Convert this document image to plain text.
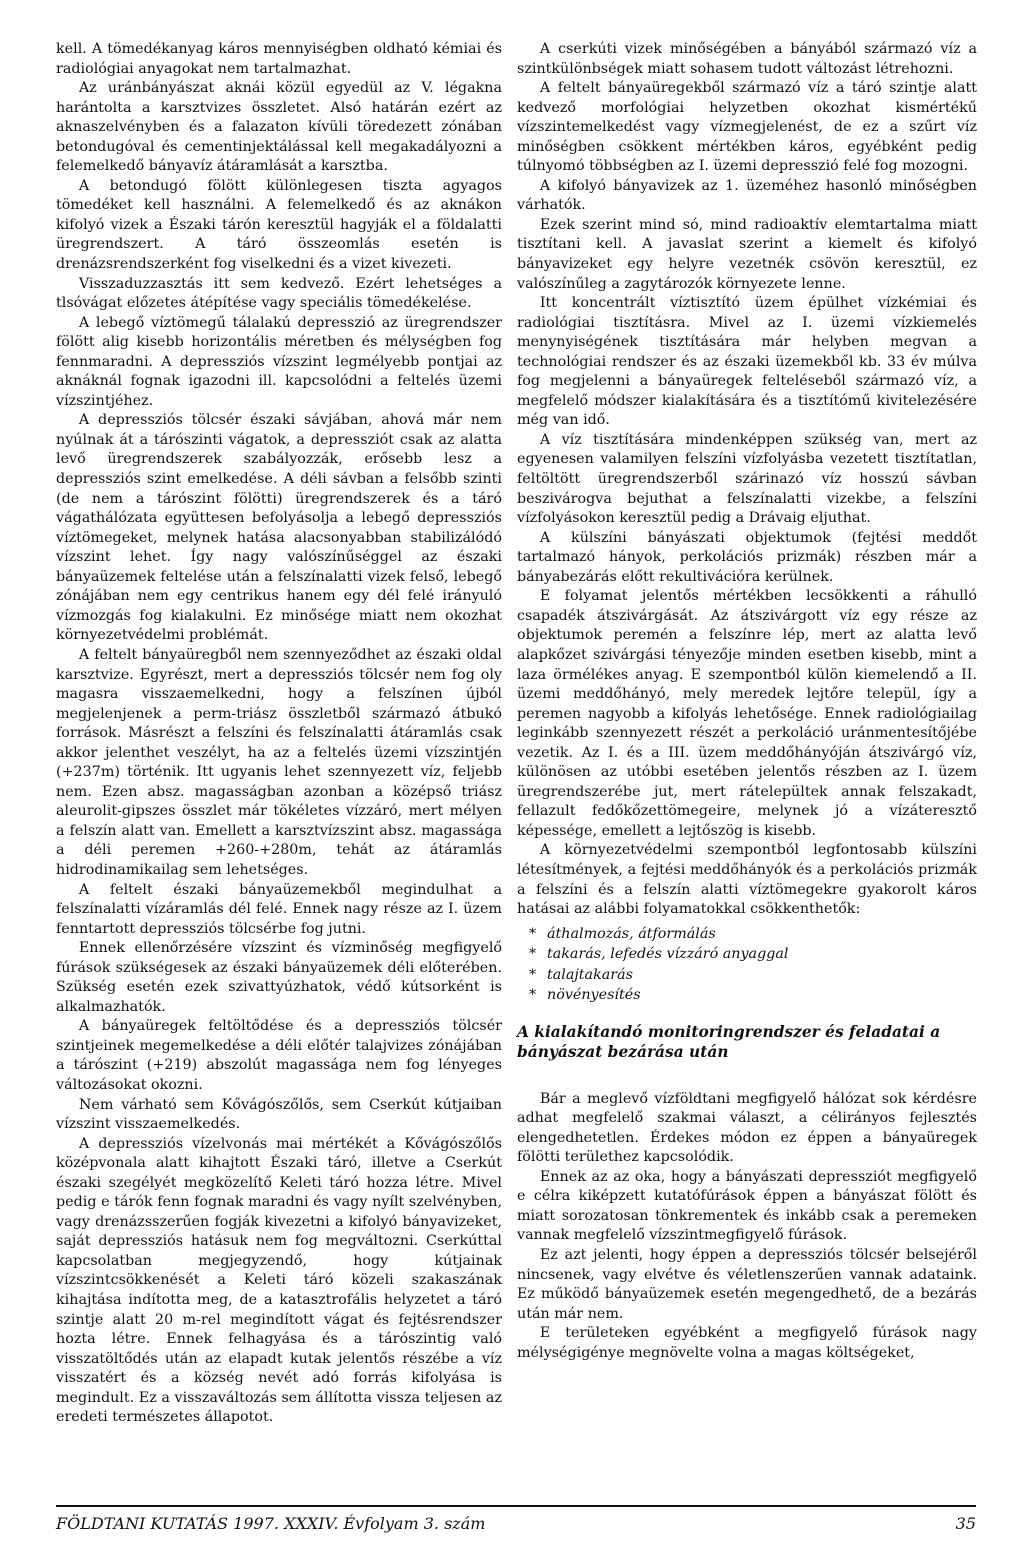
kell. A tömedékanyag káros mennyiségben oldható kémiai és radiológiai anyagokat nem tartalmazhat.

Az uránbányászat aknái közül egyedül az V. légakna harántolta a karsztvizes összletet. Alsó határán ezért az aknaszelvényben és a falazaton kívüli töredezett zónában betondugóval és cementinjektálással kell megakadályozni a felemelkedő bányavíz átáramlását a karsztba.

A betondugó fölött különlegesen tiszta agyagos tömedéket kell használni. A felemelkedő és az aknákon kifolyó vizek a Északi tárón keresztül hagyják el a földalatti üregrendszert. A táró összeomlás esetén is drenázsrendszerként fog viselkedni és a vizet kivezeti.

Visszaduzzasztás itt sem kedvező. Ezért lehetséges a tlsóvágat előzetes átépítése vagy speciális tömedékelése.

A lebegő víztömegű tálalakú depresszió az üregrendszer fölött alig kisebb horizontális méretben és mélységben fog fennmaradni. A depressziós vízszint legmélyebb pontjai az aknáknál fognak igazodni ill. kapcsolódni a feltelés üzemi vízszintjéhez.

A depressziós tölcsér északi sávjában, ahová már nem nyúlnak át a tárószinti vágatok, a depressziót csak az alatta levő üregrendszerek szabályozzák, erősebb lesz a depressziós szint emelkedése. A déli sávban a felsőbb szinti (de nem a tárószint fölötti) üregrendszerek és a táró vágathálózata együttesen befolyásolja a lebegő depressziós víztömegeket, melynek hatása alacsonyabban stabilizálódó vízszint lehet. Így nagy valószínűséggel az északi bányaüzemek feltelése után a felszínalatti vizek felső, lebegő zónájában nem egy centrikus hanem egy dél felé irányuló vízmozgás fog kialakulni. Ez minősége miatt nem okozhat környezetvédelmi problémát.

A feltelt bányaüregből nem szennyeződhet az északi oldal karsztvize. Egyrészt, mert a depressziós tölcsér nem fog oly magasra visszaemelkedni, hogy a felszínen újból megjelenjenek a perm-triász összletből származó átbukó források. Másrészt a felszíni és felszínalatti átáramlás csak akkor jelenthet veszélyt, ha az a feltelés üzemi vízszintjén (+237m) történik. Itt ugyanis lehet szennyezett víz, feljebb nem. Ezen absz. magasságban azonban a középső triász aleurolit-gipszes összlet már tökéletes vízzáró, mert mélyen a felszín alatt van. Emellett a karsztvízszint absz. magassága a déli peremen +260-+280m, tehát az átáramlás hidrodinamikailag sem lehetséges.

A feltelt északi bányaüzemekből megindulhat a felszínalatti vízáramlás dél felé. Ennek nagy része az I. üzem fenntartott depressziós tölcsérbe fog jutni.

Ennek ellenőrzésére vízszint és vízminőség megfigyelő fúrások szükségesek az északi bányaüzemek déli előterében. Szükség esetén ezek szivattyúzhatok, védő kútsorként is alkalmazhatók.

A bányaüregek feltöltődése és a depressziós tölcsér szintjeinek megemelkedése a déli előtér talajvizes zónájában a tárószint (+219) abszolút magassága nem fog lényeges változásokat okozni.

Nem várható sem Kővágószőlős, sem Cserkút kútjaiban vízszint visszaemelkedés.

A depressziós vízelvonás mai mértékét a Kővágószőlős középvonala alatt kihajtott Északi táró, illetve a Cserkút északi szegélyét megközelítő Keleti táró hozza létre. Mivel pedig e tárók fenn fognak maradni és vagy nyílt szelvényben, vagy drenázsszerűen fogják kivezetni a kifolyó bányavizeket, saját depressziós hatásuk nem fog megváltozni. Cserkúttal kapcsolatban megjegyzendő, hogy kútjainak vízszintcsökkenését a Keleti táró közeli szakaszának kihajtása indította meg, de a katasztrofális helyzetet a táró szintje alatt 20 m-rel megindított vágat és fejtésrendszer hozta létre. Ennek felhagyása és a tárószintig való visszatöltődés után az elapadt kutak jelentős részébe a víz visszatért és a község nevét adó forrás kifolyása is megindult. Ez a visszaváltozás sem állította vissza teljesen az eredeti természetes állapotot.

A cserkúti vizek minőségében a bányából származó víz a szintkülönbségek miatt sohasem tudott változást létrehozni.

A feltelt bányaüregekből származó víz a táró szintje alatt kedvező morfológiai helyzetben okozhat kismértékű vízszintemelkedést vagy vízmegjelenést, de ez a szűrt víz minőségben csökkent mértékben káros, egyébként pedig túlnyomó többségben az I. üzemi depresszió felé fog mozogni.

A kifolyó bányavizek az 1. üzeméhez hasonló minőségben várhatók.

Ezek szerint mind só, mind radioaktív elemtartalma miatt tisztítani kell. A javaslat szerint a kiemelt és kifolyó bányavizeket egy helyre vezetnék csövön keresztül, ez valószínűleg a zagytározók környezete lenne.

Itt koncentrált víztisztító üzem épülhet vízkémiai és radiológiai tisztításra. Mivel az I. üzemi vízkiemelés menynyiségének tisztítására már helyben megvan a technológiai rendszer és az északi üzemekből kb. 33 év múlva fog megjelenni a bányaüregek felteléseből származó víz, a megfelelő módszer kialakítására és a tisztítómű kivitelezésére még van idő.

A víz tisztítására mindenképpen szükség van, mert az egyenesen valamilyen felszíni vízfolyásba vezetett tisztítatlan, feltöltött üregrendszerből szárinazó víz hosszú sávban beszivárogva bejuthat a felszínalatti vizekbe, a felszíni vízfolyásokon keresztül pedig a Drávaig eljuthat.

A külszíni bányászati objektumok (fejtési meddőt tartalmazó hányok, perkolációs prizmák) részben már a bányabezárás előtt rekultivációra kerülnek.

E folyamat jelentős mértékben lecsökkenti a ráhulló csapadék átszivárgását. Az átszivárgott víz egy része az objektumok peremén a felszínre lép, mert az alatta levő alapkőzet szivárgási tényezője minden esetben kisebb, mint a laza örmélékes anyag. E szempontból külön kiemelendő a II. üzemi meddőhányó, mely meredek lejtőre települ, így a peremen nagyobb a kifolyás lehetősége. Ennek radiológiailag leginkább szennyezett részét a perkoláció uránmentesítőjébe vezetik. Az I. és a III. üzem meddőhányóján átszivárgó víz, különösen az utóbbi esetében jelentős részben az I. üzem üregrendszerébe jut, mert rátelepültek annak felszakadt, fellazult fedőkőzettömegeire, melynek jó a vízáteresztő képessége, emellett a lejtőszög is kisebb.

A környezetvédelmi szempontból legfontosabb külszíni létesítmények, a fejtési meddőhányók és a perkolációs prizmák a felszíni és a felszín alatti víztömegekre gyakorolt káros hatásai az alábbi folyamatokkal csökkenthetők:

* áthalmozás, átformálás
* takarás, lefedés vízzáró anyaggal
* talajtakarás
* növényesítés
A kialakítandó monitoringrendszer és feladatai a bányászat bezárása után

Bár a meglevő vízföldtani megfigyelő hálózat sok kérdésre adhat megfelelő szakmai választ, a célirányos fejlesztés elengedhetetlen. Érdekes módon ez éppen a bányaüregek fölötti területhez kapcsolódik.

Ennek az az oka, hogy a bányászati depressziót megfigyelő e célra kiképzett kutatófúrások éppen a bányászat fölött és miatt sorozatosan tönkrementek és inkább csak a peremeken vannak megfelelő vízszintmegfigyelő fúrások.

Ez azt jelenti, hogy éppen a depressziós tölcsér belsejéről nincsenek, vagy elvétve és véletlenszerűen vannak adataink. Ez működő bányaüzemek esetén megengedhető, de a bezárás után már nem.

E területeken egyébként a megfigyelő fúrások nagy mélységigénye megnövelte volna a magas költségeket,

FÖLDTANI KUTATÁS 1997. XXXIV. Évfolyam 3. szám	35
